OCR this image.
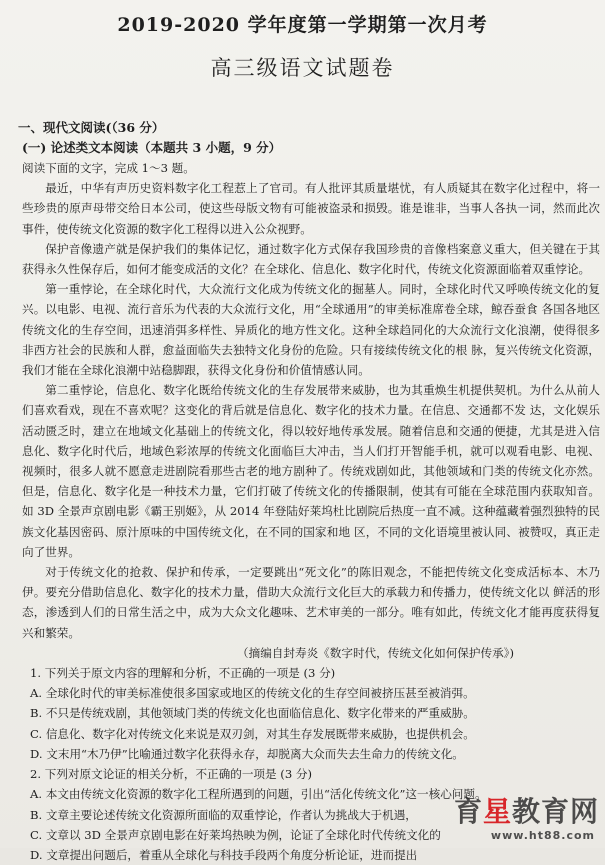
2019-2020 学年度第一学期第一次月考
高三级语文试题卷
一、现代文阅读(（36 分）
(一) 论述类文本阅读（本题共 3 小题，9 分）

阅读下面的文字，完成 1～3 题。

最近，中华有声历史资料数字化工程惹上了官司。有人批评其质量堪忧，有人质疑其在数字化过程中，将一些珍贵的原声母带交给日本公司，使这些母版文物有可能被盗录和损毁。谁是谁非，当事人各执一词，然而此次事件，使传统文化资源的数字化工程得以进入公众视野。

保护音像遗产就是保护我们的集体记忆，通过数字化方式保存我国珍贵的音像档案意义重大，但关键在于其获得永久性保存后，如何才能变成活的文化？在全球化、信息化、数字化时代，传统文化资源面临着双重悖论。

第一重悖论，在全球化时代，大众流行文化成为传统文化的掘墓人。同时，全球化时代又呼唤传统文化的复兴。以电影、电视、流行音乐为代表的大众流行文化，用“全球通用”的审美标准席卷全球，鲸吞蚕食 各国各地区传统文化的生存空间，迅速消弭多样性、异质化的地方性文化。这种全球趋同化的大众流行文化浪潮，使得很多非西方社会的民族和人群，愈益面临失去独特文化身份的危险。只有接续传统文化的根 脉，复兴传统文化资源，我们才能在全球化浪潮中站稳脚跟，获得文化身份和价值情感认同。

第二重悖论，信息化、数字化既给传统文化的生存发展带来威胁，也为其重焕生机提供契机。为什么从前人们喜欢看戏，现在不喜欢呢？这变化的背后就是信息化、数字化的技术力量。在信息、交通都不发 达，文化娱乐活动匮乏时，建立在地域文化基础上的传统文化，得以较好地传承发展。随着信息和交通的便捷，尤其是进入信息化、数字化时代后，地域色彩浓厚的传统文化面临巨大冲击，当人们打开智能手机，就可以观看电影、电视、视频时，很多人就不愿意走进剧院看那些古老的地方剧种了。传统戏剧如此，其他领域和门类的传统文化亦然。但是，信息化、数字化是一种技术力量，它们打破了传统文化的传播限制，使其有可能在全球范围内获取知音。如 3D 全景声京剧电影《霸王别姬》，从 2014 年登陆好莱坞杜比剧院后热度一直不减。这种蕴藏着强烈独特的民族文化基因密码、原汁原味的中国传统文化，在不同的国家和地 区，不同的文化语境里被认同、被赞叹，真正走向了世界。

对于传统文化的抢救、保护和传承，一定要跳出“死文化”的陈旧观念，不能把传统文化变成活标本、木乃伊。要充分借助信息化、数字化的技术力量，借助大众流行文化巨大的承载力和传播力，使传统文化以 鲜活的形态，渗透到人们的日常生活之中，成为大众文化趣味、艺术审美的一部分。唯有如此，传统文化才能再度获得复兴和繁荣。

（摘编自封寿炎《数字时代，传统文化如何保护传承》)

1. 下列关于原文内容的理解和分析，不正确的一项是 (3 分)

A. 全球化时代的审美标准使很多国家或地区的传统文化的生存空间被挤压甚至被消弭。

B. 不只是传统戏剧，其他领域门类的传统文化也面临信息化、数字化带来的严重威胁。

C. 信息化、数字化对传统文化来说是双刃剑，对其生存发展既带来威胁，也提供机会。

D. 文末用“木乃伊”比喻通过数字化获得永存，却脱离大众而失去生命力的传统文化。

2. 下列对原文论证的相关分析，不正确的一项是 (3 分)

A. 本文由传统文化资源的数字化工程所遇到的问题，引出“活化传统文化”这一核心问题。

B. 文章主要论述传统文化资源所面临的双重悖论，作者认为挑战大于机遇，

C. 文章以 3D 全景声京剧电影在好莱坞热映为例，论证了全球化时代传统文化的

D. 文章提出问题后，着重从全球化与科技手段两个角度分析论证，进而提出

育星教育网
www.ht88.com
